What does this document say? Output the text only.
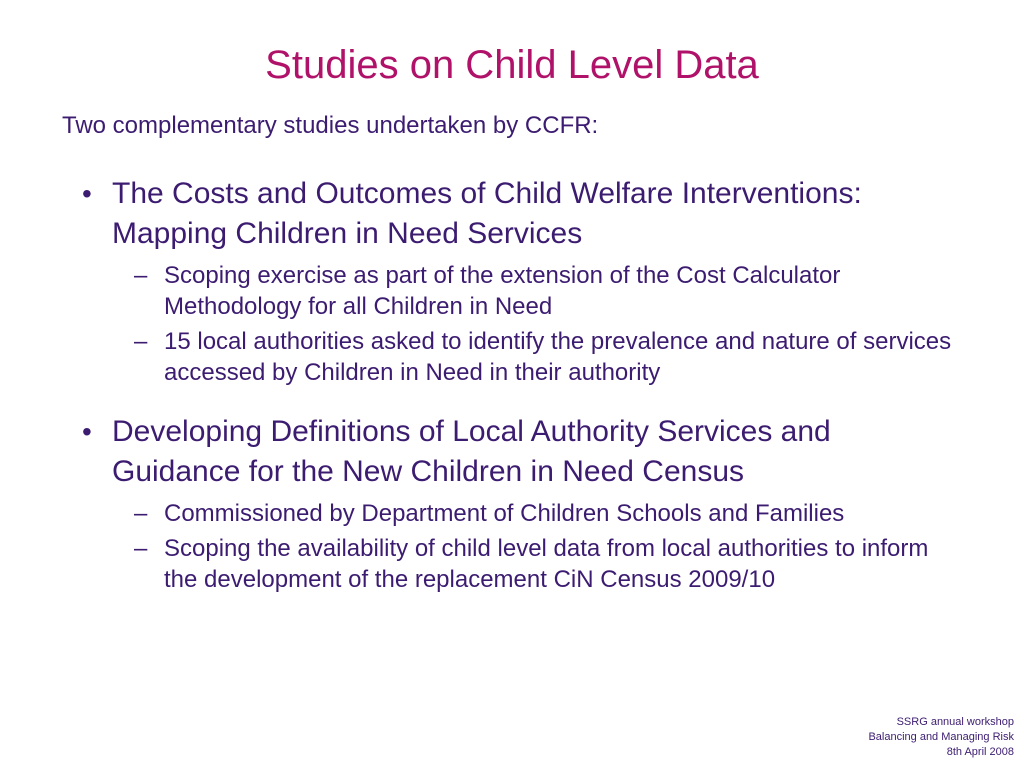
Studies on Child Level Data
Two complementary studies undertaken by CCFR:
• The Costs and Outcomes of Child Welfare Interventions: Mapping Children in Need Services
– Scoping exercise as part of the extension of the Cost Calculator Methodology for all Children in Need
– 15 local authorities asked to identify the prevalence and nature of services accessed by Children in Need in their authority
• Developing Definitions of Local Authority Services and Guidance for the New Children in Need Census
– Commissioned by Department of Children Schools and Families
– Scoping the availability of child level data from local authorities to inform the development of the replacement CiN Census 2009/10
SSRG annual workshop
Balancing and Managing Risk
8th April 2008
